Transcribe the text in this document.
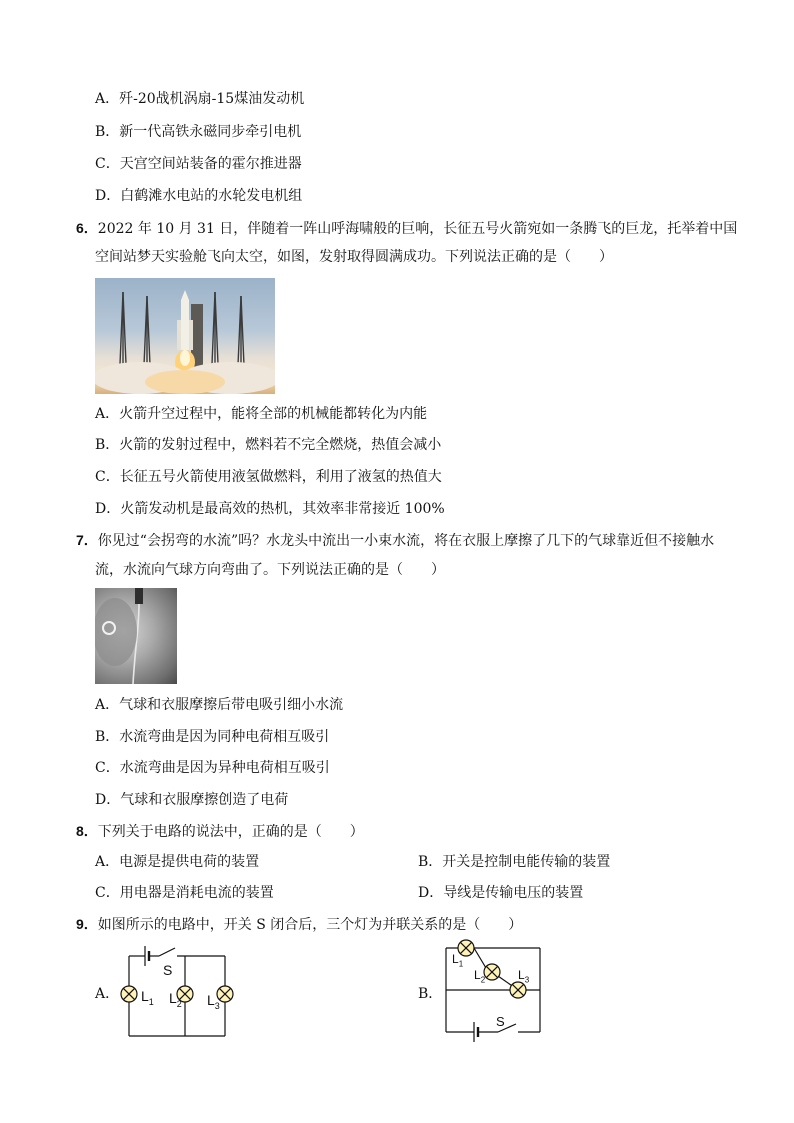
A．歼-20战机涡扇-15煤油发动机
B．新一代高铁永磁同步牵引电机
C．天宫空间站装备的霍尔推进器
D．白鹤滩水电站的水轮发电机组
6．2022 年 10 月 31 日，伴随着一阵山呼海啸般的巨响，长征五号火箭宛如一条腾飞的巨龙，托举着中国
空间站梦天实验舱飞向太空，如图，发射取得圆满成功。下列说法正确的是（　　）
A．火箭升空过程中，能将全部的机械能都转化为内能
B．火箭的发射过程中，燃料若不完全燃烧，热值会减小
C．长征五号火箭使用液氢做燃料，利用了液氢的热值大
D．火箭发动机是最高效的热机，其效率非常接近 100%
7．你见过“会拐弯的水流”吗？水龙头中流出一小束水流，将在衣服上摩擦了几下的气球靠近但不接触水
流，水流向气球方向弯曲了。下列说法正确的是（　　）
A．气球和衣服摩擦后带电吸引细小水流
B．水流弯曲是因为同种电荷相互吸引
C．水流弯曲是因为异种电荷相互吸引
D．气球和衣服摩擦创造了电荷
8．下列关于电路的说法中，正确的是（　　）
A．电源是提供电荷的装置	B．开关是控制电能传输的装置
C．用电器是消耗电流的装置	D．导线是传输电压的装置
9．如图所示的电路中，开关 S 闭合后，三个灯为并联关系的是（　　）
A．
S
$L_1$ $L_2$ $L_3$
B．
$L_1$
$L_2$	$L_3$
S
